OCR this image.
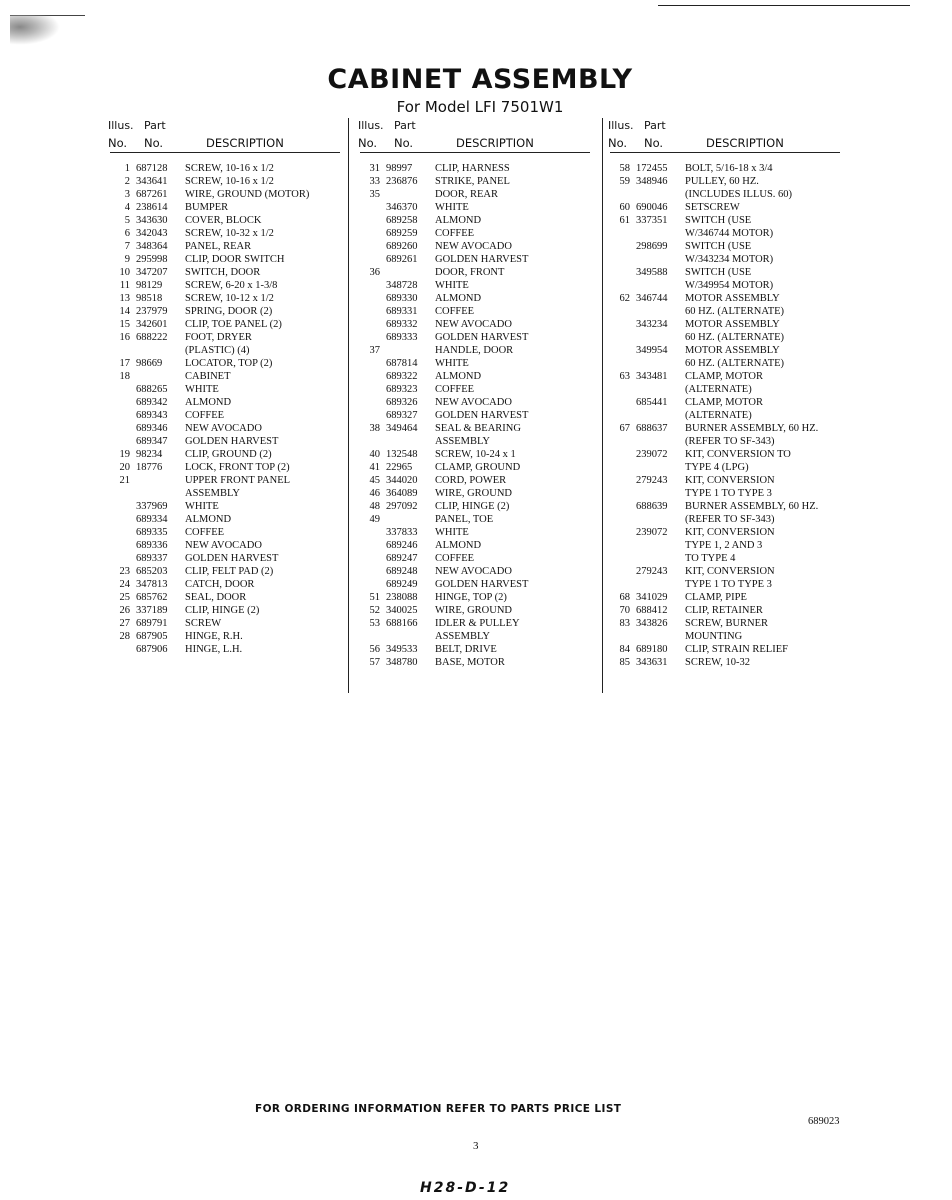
CABINET ASSEMBLY
For Model LFI 7501W1
Illus. Part
No. No.	DESCRIPTION
1 687128 SCREW, 10-16 x 1/2
2 343641 SCREW, 10-16 x 1/2
3 687261 WIRE, GROUND (MOTOR)
4 238614 BUMPER
5 343630 COVER, BLOCK
6 342043 SCREW, 10-32 x 1/2
7 348364 PANEL, REAR
9 295998 CLIP, DOOR SWITCH
10 347207 SWITCH, DOOR
11 98129 SCREW, 6-20 x 1-3/8
13 98518 SCREW, 10-12 x 1/2
14 237979 SPRING, DOOR (2)
15 342601 CLIP, TOE PANEL (2)
16 688222 FOOT, DRYER
(PLASTIC) (4)
17 98669 LOCATOR, TOP (2)
18	CABINET
688265 WHITE
689342 ALMOND
689343 COFFEE
689346 NEW AVOCADO
689347 GOLDEN HARVEST
19 98234 CLIP, GROUND (2)
20 18776 LOCK, FRONT TOP (2)
21	UPPER FRONT PANEL
ASSEMBLY
337969 WHITE
689334 ALMOND
689335 COFFEE
689336 NEW AVOCADO
689337 GOLDEN HARVEST
23 685203 CLIP, FELT PAD (2)
24 347813 CATCH, DOOR
25 685762 SEAL, DOOR
26 337189 CLIP, HINGE (2)
27 689791 SCREW
28 687905 HINGE, R.H.
687906 HINGE, L.H.
Illus. Part
No. No.	DESCRIPTION
31 98997 CLIP, HARNESS
33 236876 STRIKE, PANEL
35	DOOR, REAR
346370 WHITE
689258 ALMOND
689259 COFFEE
689260 NEW AVOCADO
689261 GOLDEN HARVEST
36	DOOR, FRONT
348728 WHITE
689330 ALMOND
689331 COFFEE
689332 NEW AVOCADO
689333 GOLDEN HARVEST
37	HANDLE, DOOR
687814 WHITE
689322 ALMOND
689323 COFFEE
689326 NEW AVOCADO
689327 GOLDEN HARVEST
38 349464 SEAL & BEARING
ASSEMBLY
40 132548 SCREW, 10-24 x 1
41 22965 CLAMP, GROUND
45 344020 CORD, POWER
46 364089 WIRE, GROUND
48 297092 CLIP, HINGE (2)
49	PANEL, TOE
337833 WHITE
689246 ALMOND
689247 COFFEE
689248 NEW AVOCADO
689249 GOLDEN HARVEST
51 238088 HINGE, TOP (2)
52 340025 WIRE, GROUND
53 688166 IDLER & PULLEY
ASSEMBLY
56 349533 BELT, DRIVE
57 348780 BASE, MOTOR
Illus. Part
No. No.	DESCRIPTION
58 172455 BOLT, 5/16-18 x 3/4
59 348946 PULLEY, 60 HZ.
(INCLUDES ILLUS. 60)
60 690046 SETSCREW
61 337351 SWITCH (USE
W/346744 MOTOR)
298699 SWITCH (USE
W/343234 MOTOR)
349588 SWITCH (USE
W/349954 MOTOR)
62 346744 MOTOR ASSEMBLY
60 HZ. (ALTERNATE)
343234 MOTOR ASSEMBLY
60 HZ. (ALTERNATE)
349954 MOTOR ASSEMBLY
60 HZ. (ALTERNATE)
63 343481 CLAMP, MOTOR
(ALTERNATE)
685441 CLAMP, MOTOR
(ALTERNATE)
67 688637 BURNER ASSEMBLY, 60 HZ.
(REFER TO SF-343)
239072 KIT, CONVERSION TO
TYPE 4 (LPG)
279243 KIT, CONVERSION
TYPE 1 TO TYPE 3
688639 BURNER ASSEMBLY, 60 HZ.
(REFER TO SF-343)
239072 KIT, CONVERSION
TYPE 1, 2 AND 3
TO TYPE 4
279243 KIT, CONVERSION
TYPE 1 TO TYPE 3
68 341029 CLAMP, PIPE
70 688412 CLIP, RETAINER
83 343826 SCREW, BURNER
MOUNTING
84 689180 CLIP, STRAIN RELIEF
85 343631 SCREW, 10-32
FOR ORDERING INFORMATION REFER TO PARTS PRICE LIST
689023
3
H28-D-12
